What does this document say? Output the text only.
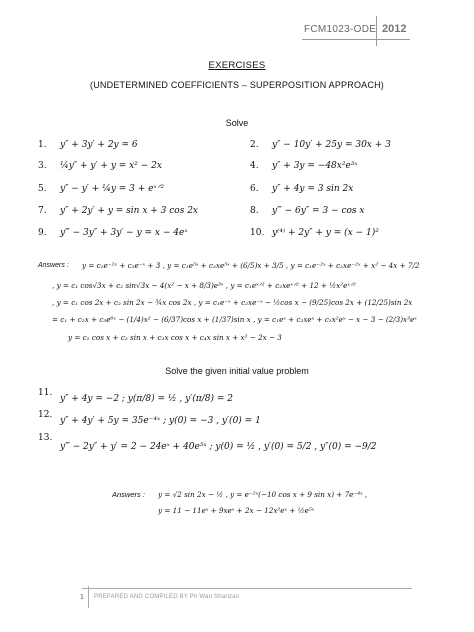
FCM1023-ODE 2012
EXERCISES
(UNDETERMINED COEFFICIENTS – SUPERPOSITION APPROACH)
Solve
1. y″ + 3y′ + 2y = 6	2. y″ − 10y′ + 25y = 30x + 3
3. ¼y″ + y′ + y = x² − 2x	4. y″ + 3y = −48x²e³ˣ
5. y″ − y′ + ¼y = 3 + eˣᐟ²	6. y″ + 4y = 3 sin 2x
7. y″ + 2y′ + y = sin x + 3 cos 2x	8. y‴ − 6y″ = 3 − cos x
9. y‴ − 3y″ + 3y′ − y = x − 4eˣ	10. y⁽⁴⁾ + 2y″ + y = (x − 1)²
Answers : y = c₁e⁻²ˣ + c₂e⁻ˣ + 3 , y = c₁e⁵ˣ + c₂xe⁵ˣ + (6/5)x + 3/5 , y = c₁e⁻²ˣ + c₂xe⁻²ˣ + x² − 4x + 7/2
, y = c₁ cos√3x + c₂ sin√3x − 4(x² − x + 8/3)e³ˣ , y = c₁eˣᐟ² + c₂xeˣᐟ² + 12 + ½x²eˣᐟ²
, y = c₁ cos 2x + c₂ sin 2x − ¾x cos 2x , y = c₁e⁻ˣ + c₂xe⁻ˣ − ½cos x − (9/25)cos 2x + (12/25)sin 2x
= c₁ + c₂x + c₃e⁶ˣ − (1/4)x² − (6/37)cos x + (1/37)sin x , y = c₁eˣ + c₂xeˣ + c₃x²eˣ − x − 3 − (2/3)x³eˣ
y = c₁ cos x + c₂ sin x + c₃x cos x + c₄x sin x + x² − 2x − 3
Solve the given initial value problem
11.
y″ + 4y = −2 ; y(π/8) = ½ , y′(π/8) = 2
12.
y″ + 4y′ + 5y = 35e⁻⁴ˣ ; y(0) = −3 , y′(0) = 1
13.
y‴ − 2y″ + y′ = 2 − 24eˣ + 40e⁵ˣ ; y(0) = ½ , y′(0) = 5/2 , y″(0) = −9/2
Answers : y = √2 sin 2x − ½ , y = e⁻²ˣ(−10 cos x + 9 sin x) + 7e⁻⁴ˣ ,
y = 11 − 11eˣ + 9xeˣ + 2x − 12x²eˣ + ½e⁵ˣ
1 PREPARED AND COMPILED BY Pn Wan Sharizan
